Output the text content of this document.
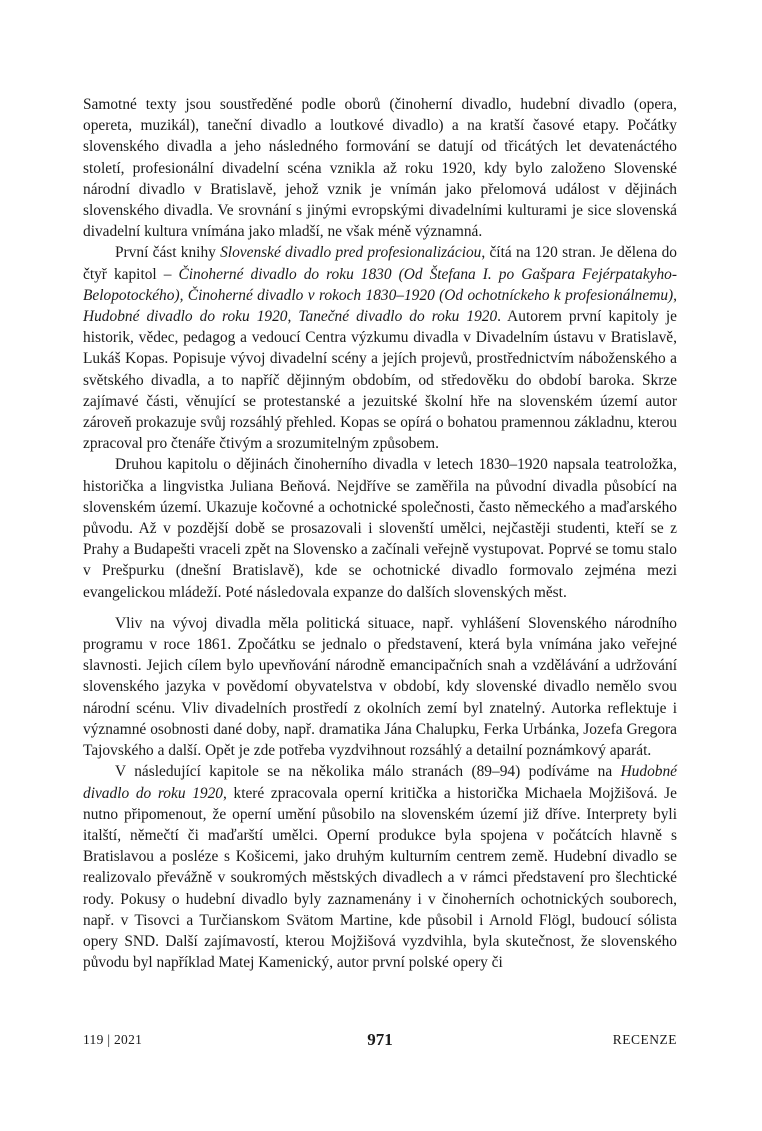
Samotné texty jsou soustředěné podle oborů (činoherní divadlo, hudební divadlo (opera, opereta, muzikál), taneční divadlo a loutkové divadlo) a na kratší časové etapy. Počátky slovenského divadla a jeho následného formování se datují od třicátých let devatenáctého století, profesionální divadelní scéna vznikla až roku 1920, kdy bylo založeno Slovenské národní divadlo v Bratislavě, jehož vznik je vnímán jako přelomová událost v dějinách slovenského divadla. Ve srovnání s jinými evropskými divadelními kulturami je sice slovenská divadelní kultura vnímána jako mladší, ne však méně významná.

První část knihy Slovenské divadlo pred profesionalizáciou, čítá na 120 stran. Je dělena do čtyř kapitol – Činoherné divadlo do roku 1830 (Od Štefana I. po Gašpara Fejérpatakyho-Belopotockého), Činoherné divadlo v rokoch 1830–1920 (Od ochotníckeho k profesionálnemu), Hudobné divadlo do roku 1920, Tanečné divadlo do roku 1920. Autorem první kapitoly je historik, vědec, pedagog a vedoucí Centra výzkumu divadla v Divadelním ústavu v Bratislavě, Lukáš Kopas. Popisuje vývoj divadelní scény a jejích projevů, prostřednictvím náboženského a světského divadla, a to napříč dějinným obdobím, od středověku do období baroka. Skrze zajímavé části, věnující se protestanské a jezuitské školní hře na slovenském území autor zároveň prokazuje svůj rozsáhlý přehled. Kopas se opírá o bohatou pramennou základnu, kterou zpracoval pro čtenáře čtivým a srozumitelným způsobem.

Druhou kapitolu o dějinách činoherního divadla v letech 1830–1920 napsala teatroložka, historička a lingvistka Juliana Beňová. Nejdříve se zaměřila na původní divadla působící na slovenském území. Ukazuje kočovné a ochotnické společnosti, často německého a maďarského původu. Až v pozdější době se prosazovali i slovenští umělci, nejčastěji studenti, kteří se z Prahy a Budapešti vraceli zpět na Slovensko a začínali veřejně vystupovat. Poprvé se tomu stalo v Prešpurku (dnešní Bratislavě), kde se ochotnické divadlo formovalo zejména mezi evangelickou mládeží. Poté následovala expanze do dalších slovenských měst.

Vliv na vývoj divadla měla politická situace, např. vyhlášení Slovenského národního programu v roce 1861. Zpočátku se jednalo o představení, která byla vnímána jako veřejné slavnosti. Jejich cílem bylo upevňování národně emancipačních snah a vzdělávání a udržování slovenského jazyka v povědomí obyvatelstva v období, kdy slovenské divadlo nemělo svou národní scénu. Vliv divadelních prostředí z okolních zemí byl znatelný. Autorka reflektuje i významné osobnosti dané doby, např. dramatika Jána Chalupku, Ferka Urbánka, Jozefa Gregora Tajovského a další. Opět je zde potřeba vyzdvihnout rozsáhlý a detailní poznámkový aparát.

V následující kapitole se na několika málo stranách (89–94) podíváme na Hudobné divadlo do roku 1920, které zpracovala operní kritička a historička Michaela Mojžišová. Je nutno připomenout, že operní umění působilo na slovenském území již dříve. Interprety byli italští, němečtí či maďarští umělci. Operní produkce byla spojena v počátcích hlavně s Bratislavou a posléze s Košicemi, jako druhým kulturním centrem země. Hudební divadlo se realizovalo převážně v soukromých městských divadlech a v rámci představení pro šlechtické rody. Pokusy o hudební divadlo byly zaznamenány i v činoherních ochotnických souborech, např. v Tisovci a Turčianskom Svätom Martine, kde působil i Arnold Flögl, budoucí sólista opery SND. Další zajímavostí, kterou Mojžišová vyzdvihla, byla skutečnost, že slovenského původu byl například Matej Kamenický, autor první polské opery či

119 | 2021	971	RECENZE
